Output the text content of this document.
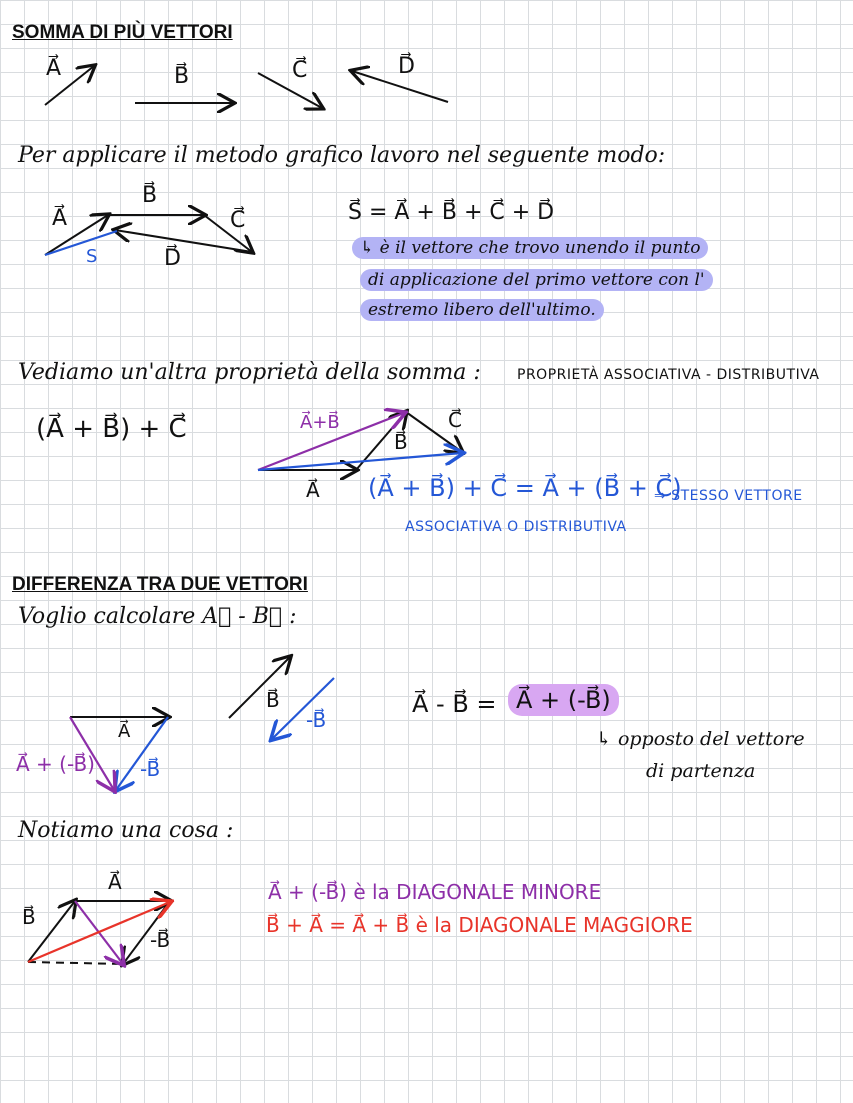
SOMMA DI PIÙ VETTORI
A⃗	B⃗	C⃗	D⃗
Per applicare il metodo grafico lavoro nel seguente modo:
A⃗
B⃗
C⃗
D⃗
S
S⃗ = A⃗ + B⃗ + C⃗ + D⃗
↳ è il vettore che trovo unendo il punto
di applicazione del primo vettore con l'
estremo libero dell'ultimo.
Vediamo un'altra proprietà della somma :	PROPRIETÀ ASSOCIATIVA - DISTRIBUTIVA
(A⃗ + B⃗) + C⃗	A⃗+B⃗
B⃗
C⃗
A⃗ (A⃗ + B⃗) + C⃗ = A⃗ + (B⃗ + C⃗)
⇒ STESSO VETTORE
ASSOCIATIVA O DISTRIBUTIVA
DIFFERENZA TRA DUE VETTORI
Voglio calcolare A⃗ - B⃗ :
A⃗
A⃗ + (-B⃗) -B⃗
B⃗
-B⃗
A⃗ - B⃗ = A⃗ + (-B⃗)
↳ opposto del vettore
di partenza
Notiamo una cosa :
A⃗
B⃗
-B⃗
A⃗ + (-B⃗) è la DIAGONALE MINORE
B⃗ + A⃗ = A⃗ + B⃗ è la DIAGONALE MAGGIORE
